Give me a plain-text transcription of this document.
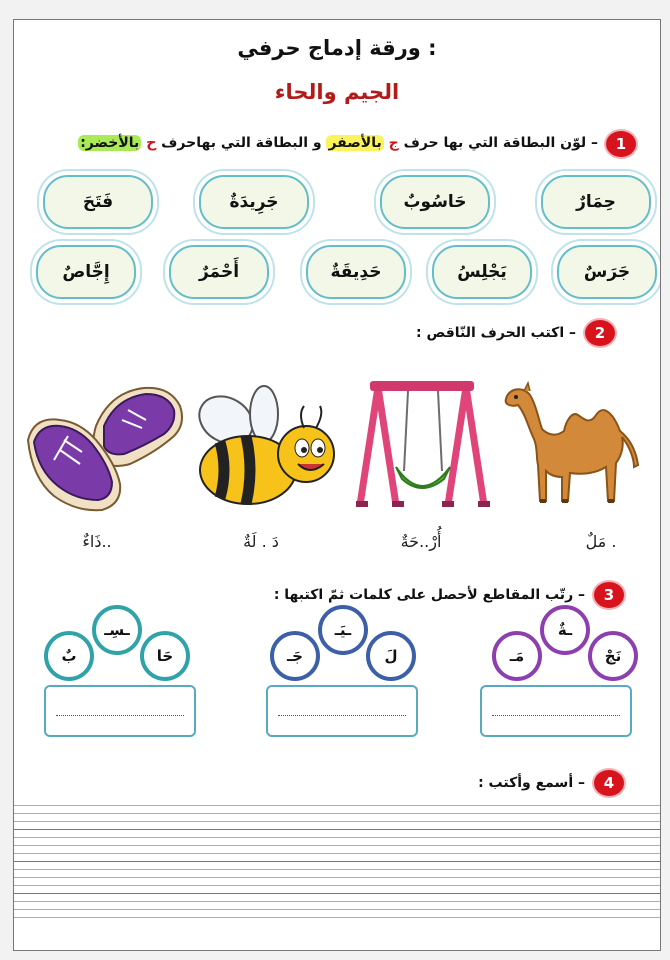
ورقة إدماج حرفي :
الجيم والحاء
1
– لوّن البطاقة التي بها حرف ج بالأصفر و البطاقة التي بهاحرف ح بالأخضر:
حِمَارٌ
حَاسُوبٌ
جَرِيدَةٌ
فَتَحَ
جَرَسٌ
يَجْلِسُ
حَدِيقَةٌ
أَحْمَرٌ
إِجَّاصٌ
2
– اكتب الحرف النّاقص :
. مَلٌ
أُرْ..حَةٌ
دَ . لَةٌ
..ذَاءٌ
3
– رتّب المقاطع لأحصل على كلمات ثمّ اكتبها :
نَجْ
ـةٌ
مَـ
لَ
ـيَـ
جَـ
حَا
ـسِـ
بٌ
4
– أسمع وأكتب :
